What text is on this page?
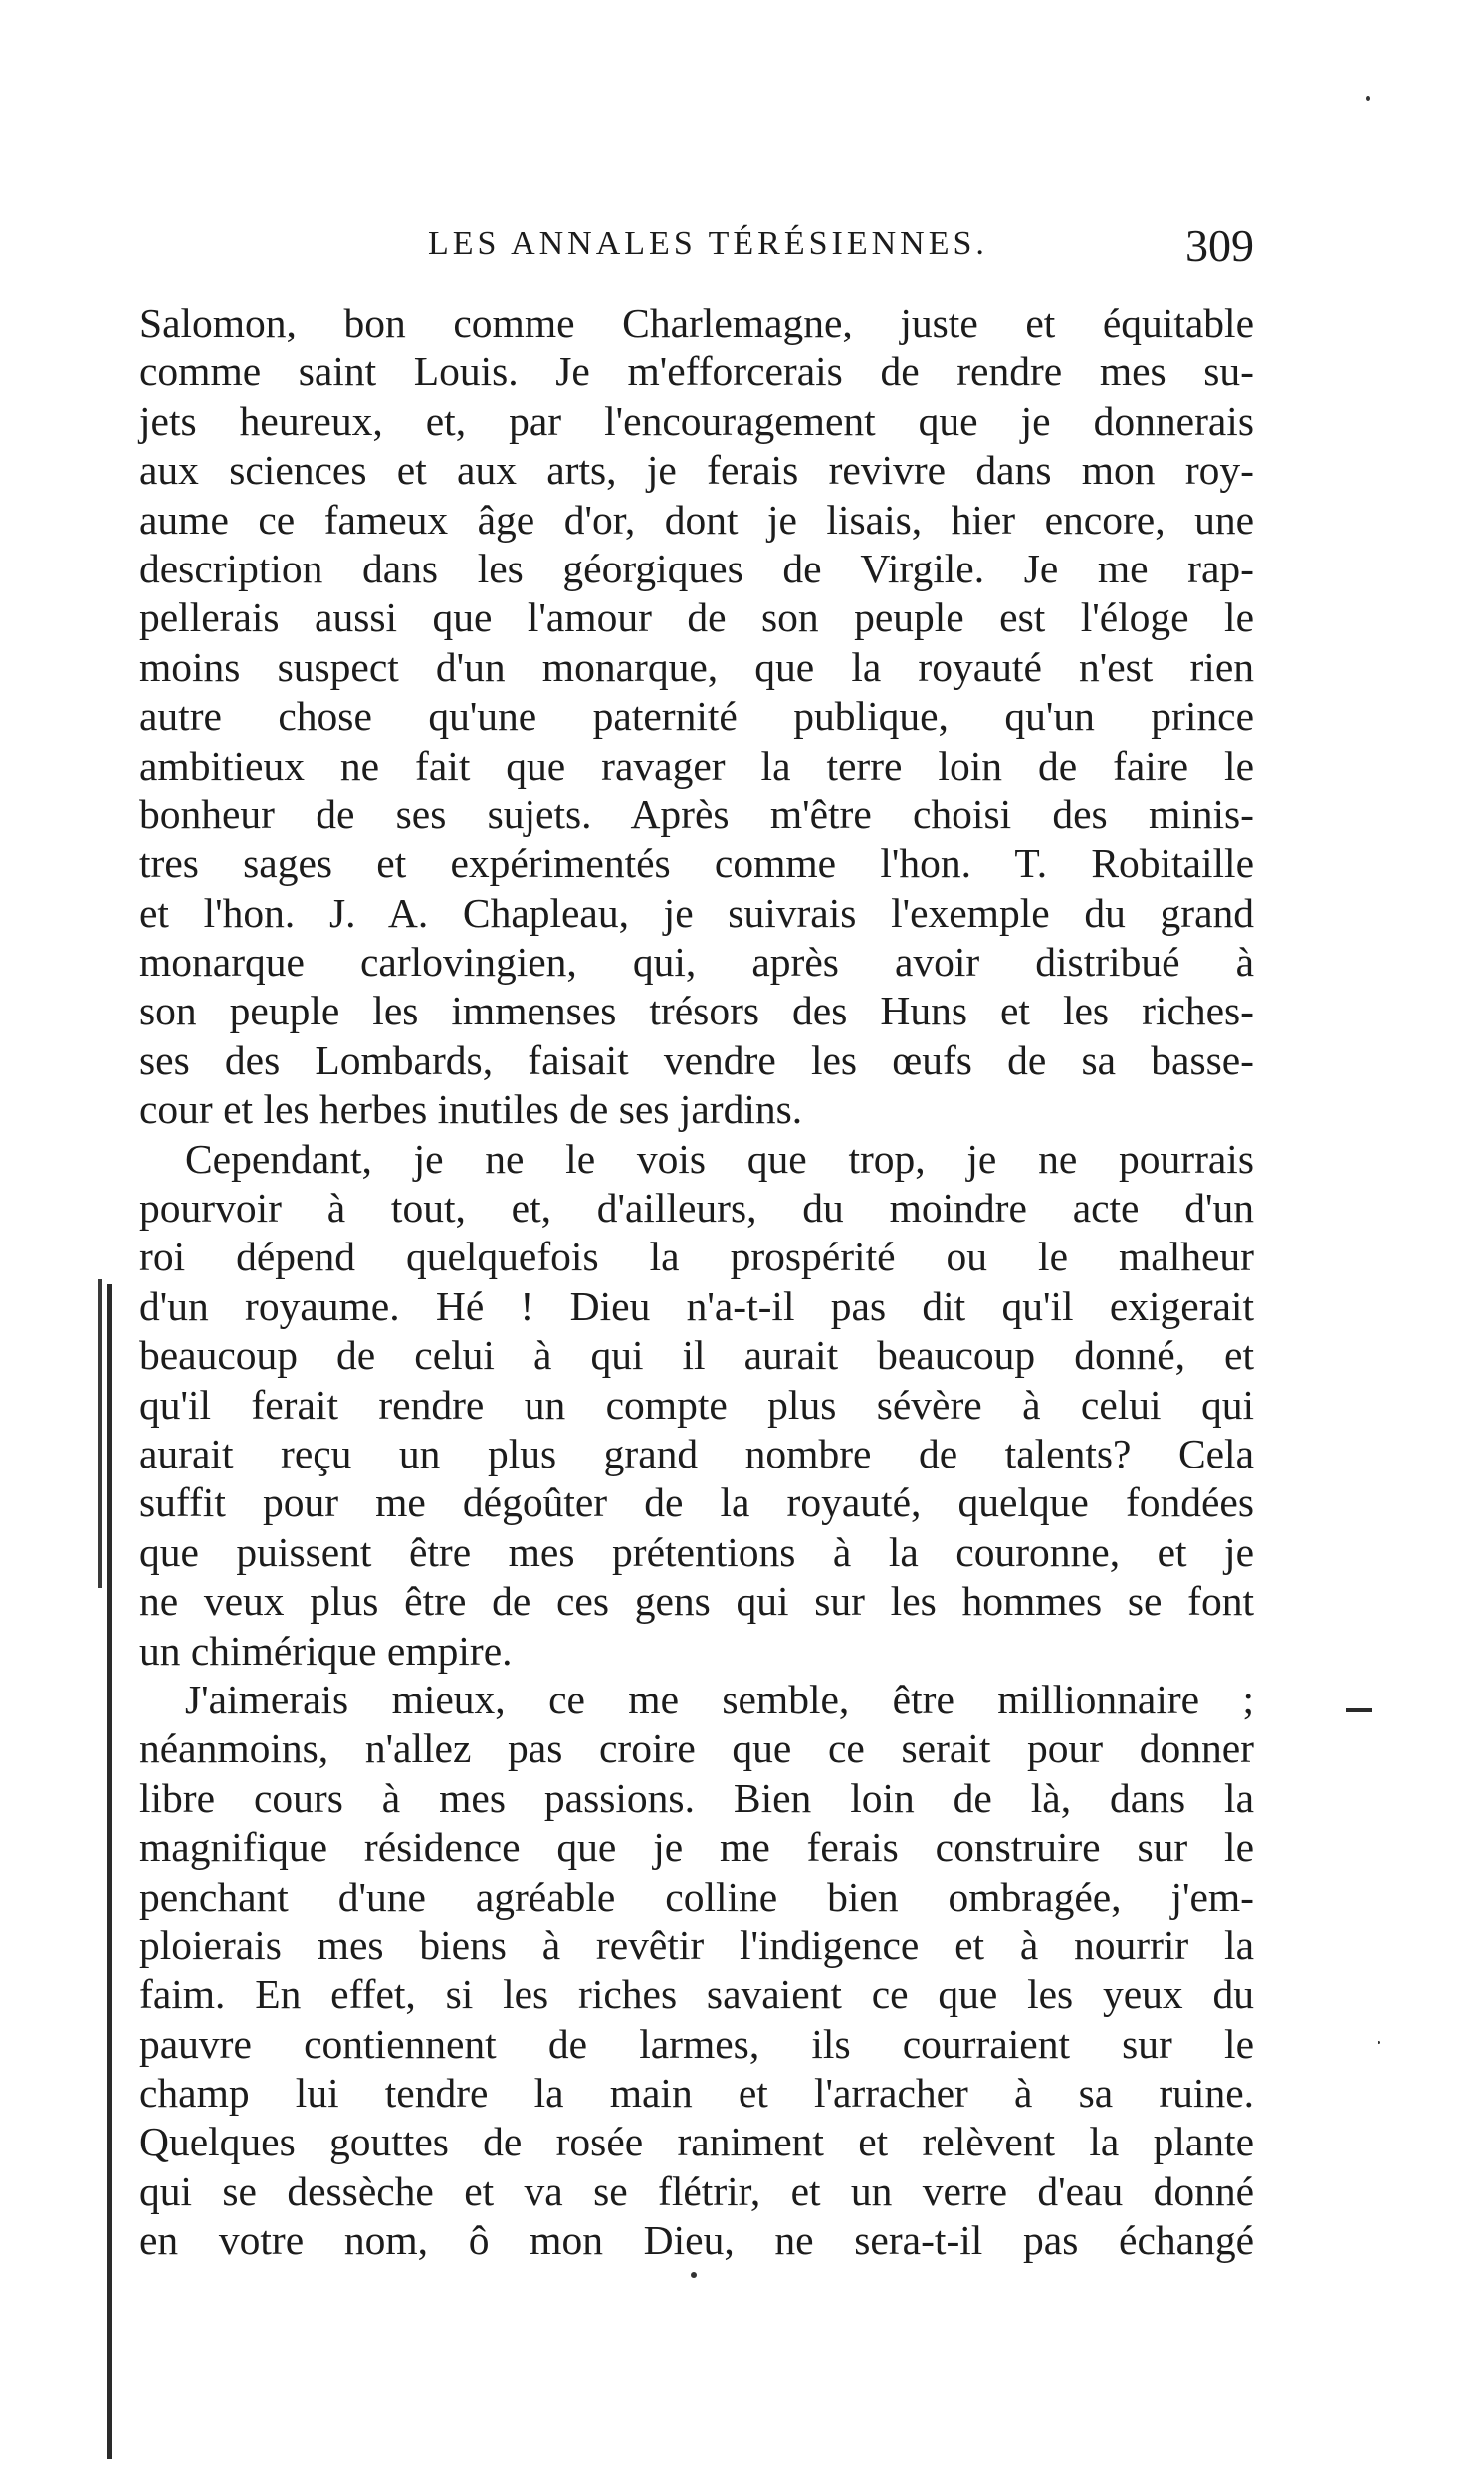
LES ANNALES TÉRÉSIENNES.	309
Salomon, bon comme Charlemagne, juste et équitable
comme saint Louis. Je m'efforcerais de rendre mes su-
jets heureux, et, par l'encouragement que je donnerais
aux sciences et aux arts, je ferais revivre dans mon roy-
aume ce fameux âge d'or, dont je lisais, hier encore, une
description dans les géorgiques de Virgile. Je me rap-
pellerais aussi que l'amour de son peuple est l'éloge le
moins suspect d'un monarque, que la royauté n'est rien
autre chose qu'une paternité publique, qu'un prince
ambitieux ne fait que ravager la terre loin de faire le
bonheur de ses sujets. Après m'être choisi des minis-
tres sages et expérimentés comme l'hon. T. Robitaille
et l'hon. J. A. Chapleau, je suivrais l'exemple du grand
monarque carlovingien, qui, après avoir distribué à
son peuple les immenses trésors des Huns et les riches-
ses des Lombards, faisait vendre les œufs de sa basse-
cour et les herbes inutiles de ses jardins.
Cependant, je ne le vois que trop, je ne pourrais
pourvoir à tout, et, d'ailleurs, du moindre acte d'un
roi dépend quelquefois la prospérité ou le malheur
d'un royaume. Hé ! Dieu n'a-t-il pas dit qu'il exigerait
beaucoup de celui à qui il aurait beaucoup donné, et
qu'il ferait rendre un compte plus sévère à celui qui
aurait reçu un plus grand nombre de talents? Cela
suffit pour me dégoûter de la royauté, quelque fondées
que puissent être mes prétentions à la couronne, et je
ne veux plus être de ces gens qui sur les hommes se font
un chimérique empire.
J'aimerais mieux, ce me semble, être millionnaire ;
néanmoins, n'allez pas croire que ce serait pour donner
libre cours à mes passions. Bien loin de là, dans la
magnifique résidence que je me ferais construire sur le
penchant d'une agréable colline bien ombragée, j'em-
ploierais mes biens à revêtir l'indigence et à nourrir la
faim. En effet, si les riches savaient ce que les yeux du
pauvre contiennent de larmes, ils courraient sur le
champ lui tendre la main et l'arracher à sa ruine.
Quelques gouttes de rosée raniment et relèvent la plante
qui se dessèche et va se flétrir, et un verre d'eau donné
en votre nom, ô mon Dieu, ne sera-t-il pas échangé
